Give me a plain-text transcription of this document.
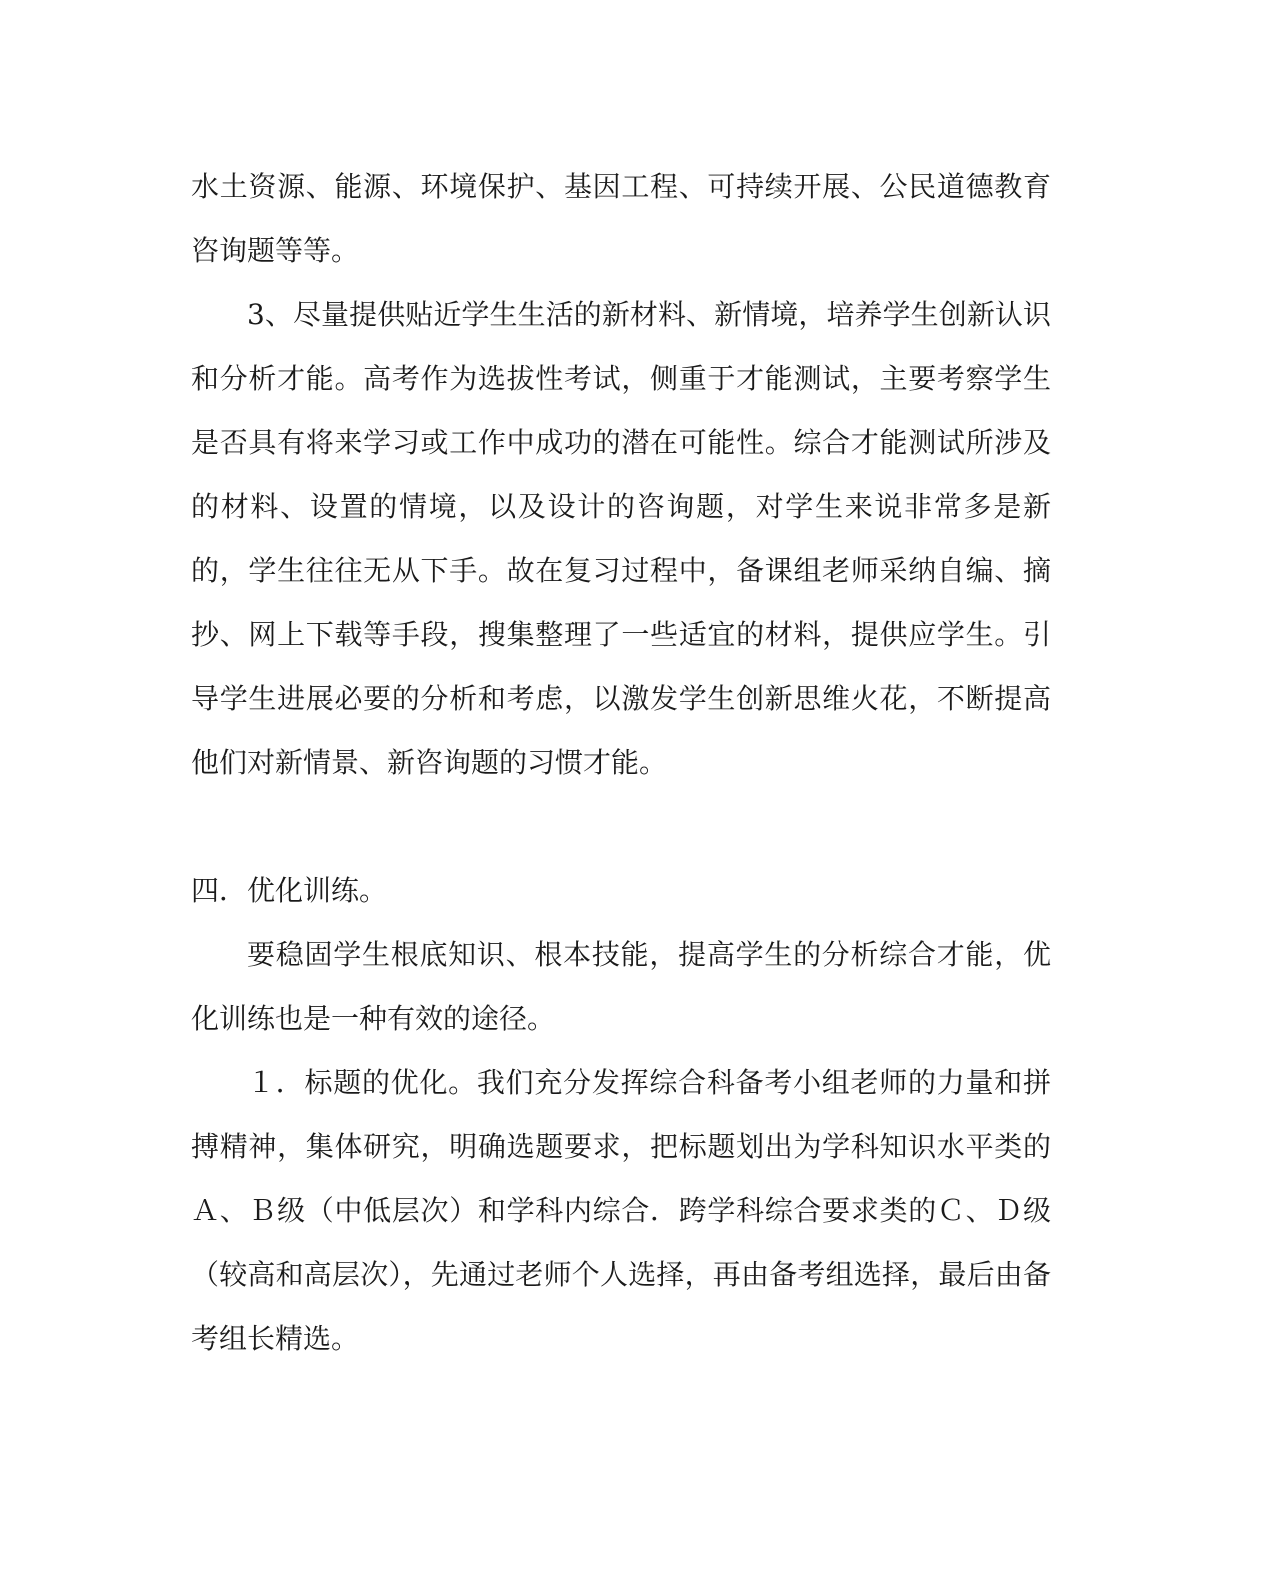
水土资源、能源、环境保护、基因工程、可持续开展、公民道德教育咨询题等等。

3、尽量提供贴近学生生活的新材料、新情境，培养学生创新认识和分析才能。高考作为选拔性考试，侧重于才能测试，主要考察学生是否具有将来学习或工作中成功的潜在可能性。综合才能测试所涉及的材料、设置的情境，以及设计的咨询题，对学生来说非常多是新的，学生往往无从下手。故在复习过程中，备课组老师采纳自编、摘抄、网上下载等手段，搜集整理了一些适宜的材料，提供应学生。引导学生进展必要的分析和考虑，以激发学生创新思维火花，不断提高他们对新情景、新咨询题的习惯才能。

四．优化训练。

要稳固学生根底知识、根本技能，提高学生的分析综合才能，优化训练也是一种有效的途径。

１．标题的优化。我们充分发挥综合科备考小组老师的力量和拼搏精神，集体研究，明确选题要求，把标题划出为学科知识水平类的Ａ、Ｂ级（中低层次）和学科内综合．跨学科综合要求类的Ｃ、Ｄ级（较高和高层次），先通过老师个人选择，再由备考组选择，最后由备考组长精选。
